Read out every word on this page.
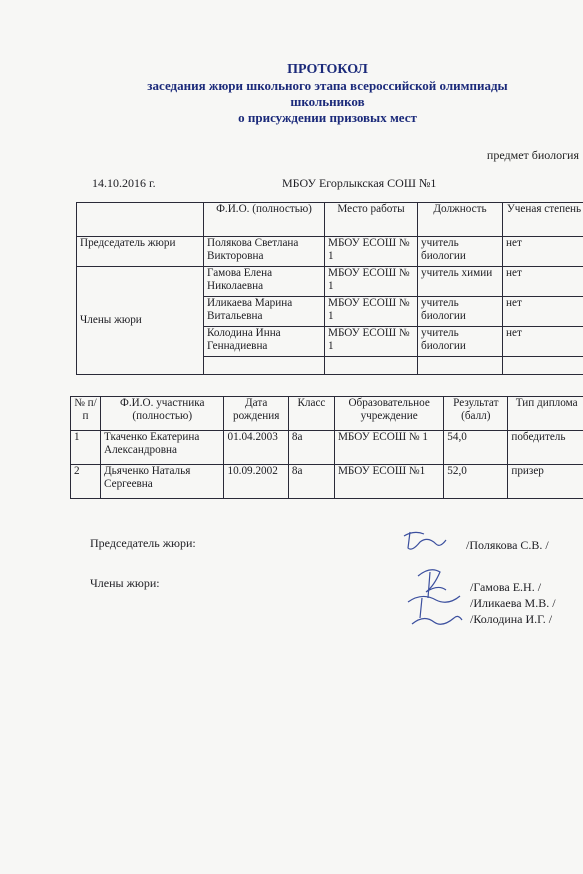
ПРОТОКОЛ
заседания жюри школьного этапа всероссийской олимпиады
школьников
о присуждении призовых мест
предмет биология
14.10.2016 г.	МБОУ Егорлыкская СОШ №1
	Ф.И.О. (полностью)	Место работы	Должность	Ученая степень
Председатель жюри	Полякова Светлана Викторовна	МБОУ ЕСОШ № 1	учитель биологии	нет
Члены жюри	Гамова Елена Николаевна	МБОУ ЕСОШ № 1	учитель химии	нет
	Иликаева Марина Витальевна	МБОУ ЕСОШ № 1	учитель биологии	нет
	Колодина Инна Геннадиевна	МБОУ ЕСОШ № 1	учитель биологии	нет

№ п/п	Ф.И.О. участника (полностью)	Дата рождения	Класс	Образовательное учреждение	Результат (балл)	Тип диплома
1	Ткаченко Екатерина Александровна	01.04.2003	8а	МБОУ ЕСОШ № 1	54,0	победитель
2	Дьяченко Наталья Сергеевна	10.09.2002	8а	МБОУ ЕСОШ №1	52,0	призер
Председатель жюри:	/Полякова С.В. /
Члены жюри:	/Гамова Е.Н. /
/Иликаева М.В. /
/Колодина И.Г. /
